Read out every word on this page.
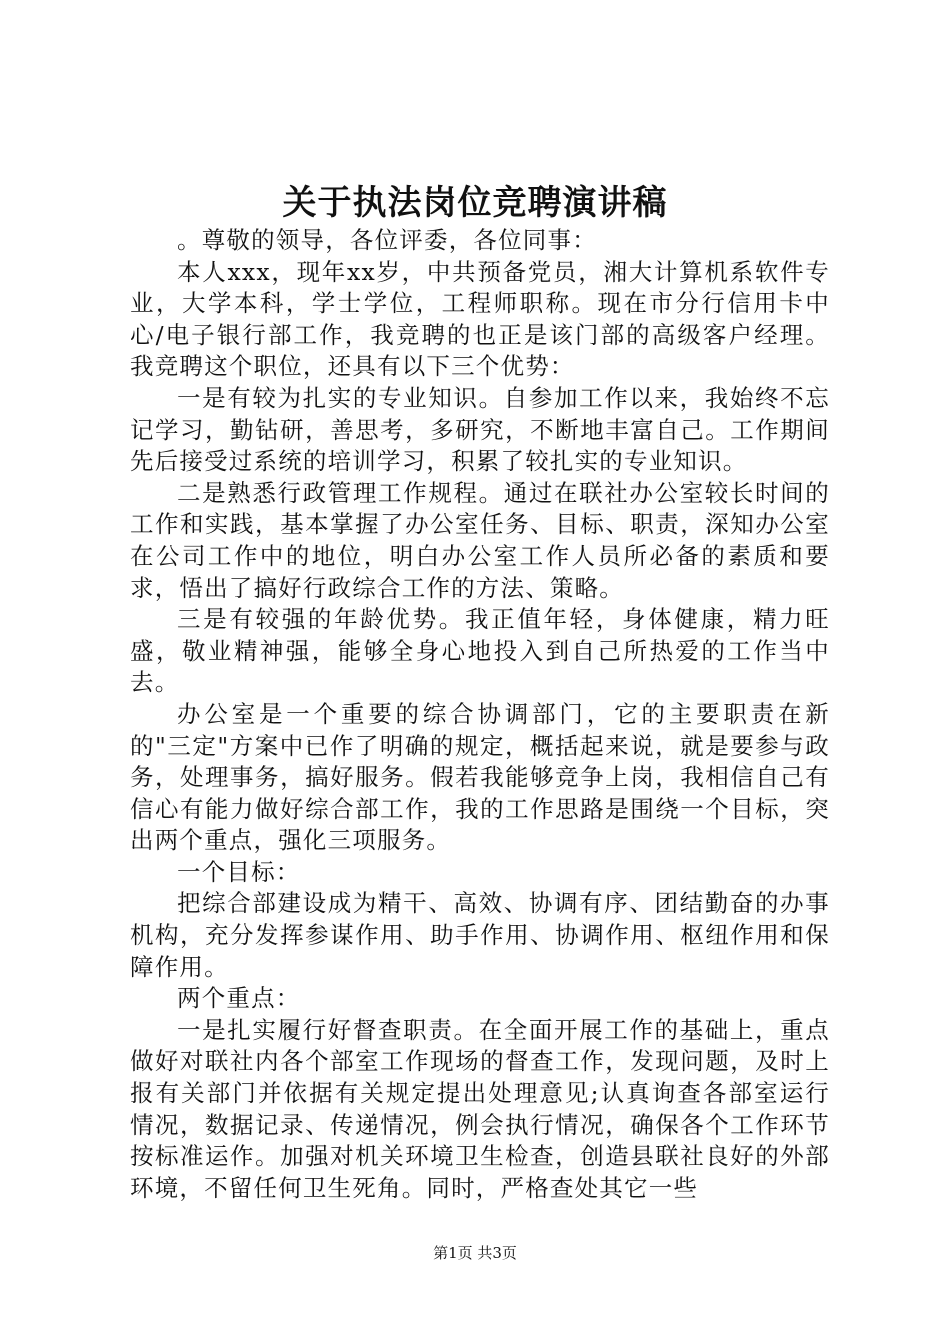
关于执法岗位竞聘演讲稿

。尊敬的领导，各位评委，各位同事：

本人xxx，现年xx岁，中共预备党员，湘大计算机系软件专业，大学本科，学士学位，工程师职称。现在市分行信用卡中心/电子银行部工作，我竞聘的也正是该门部的高级客户经理。我竞聘这个职位，还具有以下三个优势：

一是有较为扎实的专业知识。自参加工作以来，我始终不忘记学习，勤钻研，善思考，多研究，不断地丰富自己。工作期间先后接受过系统的培训学习，积累了较扎实的专业知识。

二是熟悉行政管理工作规程。通过在联社办公室较长时间的工作和实践，基本掌握了办公室任务、目标、职责，深知办公室在公司工作中的地位，明白办公室工作人员所必备的素质和要求，悟出了搞好行政综合工作的方法、策略。

三是有较强的年龄优势。我正值年轻，身体健康，精力旺盛，敬业精神强，能够全身心地投入到自己所热爱的工作当中去。

办公室是一个重要的综合协调部门，它的主要职责在新的"三定"方案中已作了明确的规定，概括起来说，就是要参与政务，处理事务，搞好服务。假若我能够竞争上岗，我相信自己有信心有能力做好综合部工作，我的工作思路是围绕一个目标，突出两个重点，强化三项服务。

一个目标：

把综合部建设成为精干、高效、协调有序、团结勤奋的办事机构，充分发挥参谋作用、助手作用、协调作用、枢纽作用和保障作用。

两个重点：

一是扎实履行好督查职责。在全面开展工作的基础上，重点做好对联社内各个部室工作现场的督查工作，发现问题，及时上报有关部门并依据有关规定提出处理意见;认真询查各部室运行情况，数据记录、传递情况，例会执行情况，确保各个工作环节按标准运作。加强对机关环境卫生检查，创造县联社良好的外部环境，不留任何卫生死角。同时，严格查处其它一些

第1页 共3页
